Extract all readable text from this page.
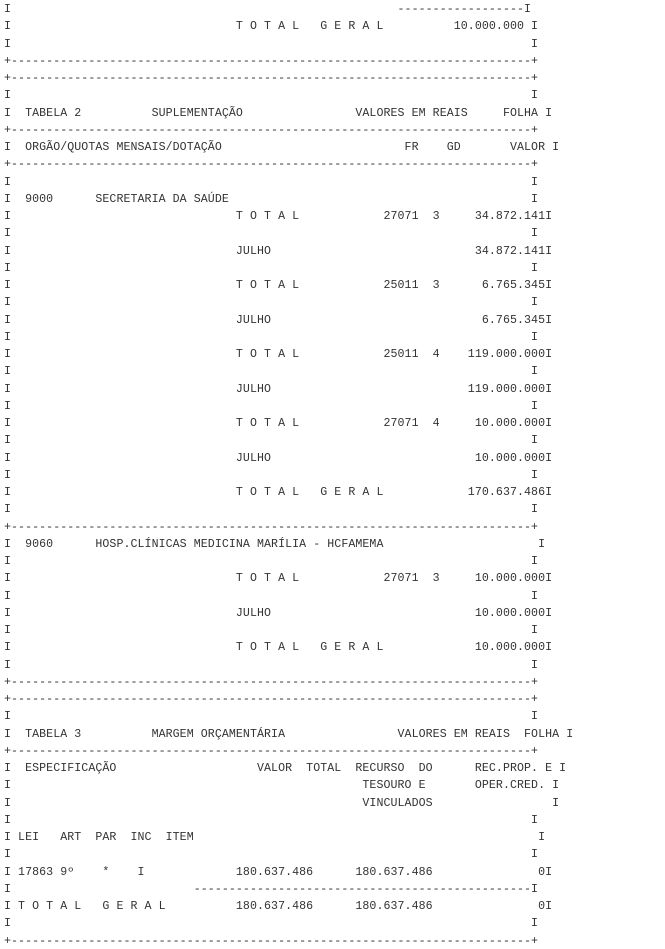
I                                                       ------------------I
I                                T O T A L   G E R A L          10.000.000 I
I                                                                          I
+--------------------------------------------------------------------------+
+--------------------------------------------------------------------------+
I                                                                          I
I  TABELA 2          SUPLEMENTAÇÃO                VALORES EM REAIS     FOLHA I
+--------------------------------------------------------------------------+
I  ORGÃO/QUOTAS MENSAIS/DOTAÇÃO                          FR    GD       VALOR I
+--------------------------------------------------------------------------+
I                                                                          I
I  9000      SECRETARIA DA SAÚDE                                           I
I                                T O T A L            27071  3     34.872.141I
I                                                                          I
I                                JULHO                             34.872.141I
I                                                                          I
I                                T O T A L            25011  3      6.765.345I
I                                                                          I
I                                JULHO                              6.765.345I
I                                                                          I
I                                T O T A L            25011  4    119.000.000I
I                                                                          I
I                                JULHO                            119.000.000I
I                                                                          I
I                                T O T A L            27071  4     10.000.000I
I                                                                          I
I                                JULHO                             10.000.000I
I                                                                          I
I                                T O T A L   G E R A L            170.637.486I
I                                                                          I
+--------------------------------------------------------------------------+
I  9060      HOSP.CLÍNICAS MEDICINA MARÍLIA - HCFAMEMA                      I
I                                                                          I
I                                T O T A L            27071  3     10.000.000I
I                                                                          I
I                                JULHO                             10.000.000I
I                                                                          I
I                                T O T A L   G E R A L             10.000.000I
I                                                                          I
+--------------------------------------------------------------------------+
+--------------------------------------------------------------------------+
I                                                                          I
I  TABELA 3          MARGEM ORÇAMENTÁRIA                VALORES EM REAIS  FOLHA I
+--------------------------------------------------------------------------+
I  ESPECIFICAÇÃO                    VALOR  TOTAL  RECURSO  DO      REC.PROP. E I
I                                                  TESOURO E       OPER.CRED. I
I                                                  VINCULADOS                 I
I                                                                          I
I LEI   ART  PAR  INC  ITEM                                                 I
I                                                                          I
I 17863 9º    *    I             180.637.486      180.637.486               0I
I                          ------------------------------------------------I
I T O T A L   G E R A L          180.637.486      180.637.486               0I
I                                                                          I
+--------------------------------------------------------------------------+
